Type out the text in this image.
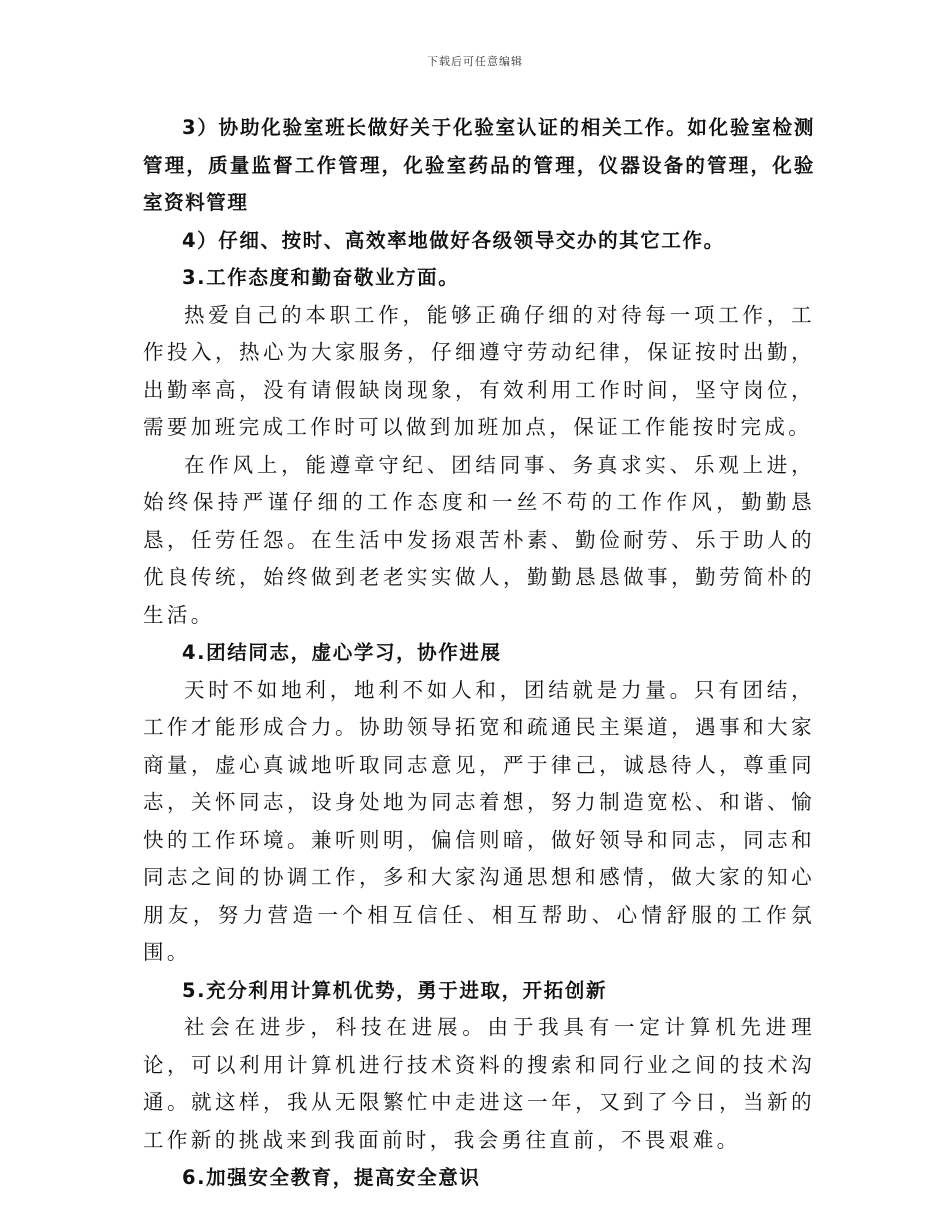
下载后可任意编辑

3）协助化验室班长做好关于化验室认证的相关工作。如化验室检测管理，质量监督工作管理，化验室药品的管理，仪器设备的管理，化验室资料管理

4）仔细、按时、高效率地做好各级领导交办的其它工作。

3.工作态度和勤奋敬业方面。

热爱自己的本职工作，能够正确仔细的对待每一项工作，工作投入，热心为大家服务，仔细遵守劳动纪律，保证按时出勤，出勤率高，没有请假缺岗现象，有效利用工作时间，坚守岗位，需要加班完成工作时可以做到加班加点，保证工作能按时完成。

在作风上，能遵章守纪、团结同事、务真求实、乐观上进，始终保持严谨仔细的工作态度和一丝不苟的工作作风，勤勤恳恳，任劳任怨。在生活中发扬艰苦朴素、勤俭耐劳、乐于助人的优良传统，始终做到老老实实做人，勤勤恳恳做事，勤劳简朴的生活。

4.团结同志，虚心学习，协作进展

天时不如地利，地利不如人和，团结就是力量。只有团结，工作才能形成合力。协助领导拓宽和疏通民主渠道，遇事和大家商量，虚心真诚地听取同志意见，严于律己，诚恳待人，尊重同志，关怀同志，设身处地为同志着想，努力制造宽松、和谐、愉快的工作环境。兼听则明，偏信则暗，做好领导和同志，同志和同志之间的协调工作，多和大家沟通思想和感情，做大家的知心朋友，努力营造一个相互信任、相互帮助、心情舒服的工作氛围。

5.充分利用计算机优势，勇于进取，开拓创新

社会在进步，科技在进展。由于我具有一定计算机先进理论，可以利用计算机进行技术资料的搜索和同行业之间的技术沟通。就这样，我从无限繁忙中走进这一年，又到了今日，当新的工作新的挑战来到我面前时，我会勇往直前，不畏艰难。

6.加强安全教育，提高安全意识
